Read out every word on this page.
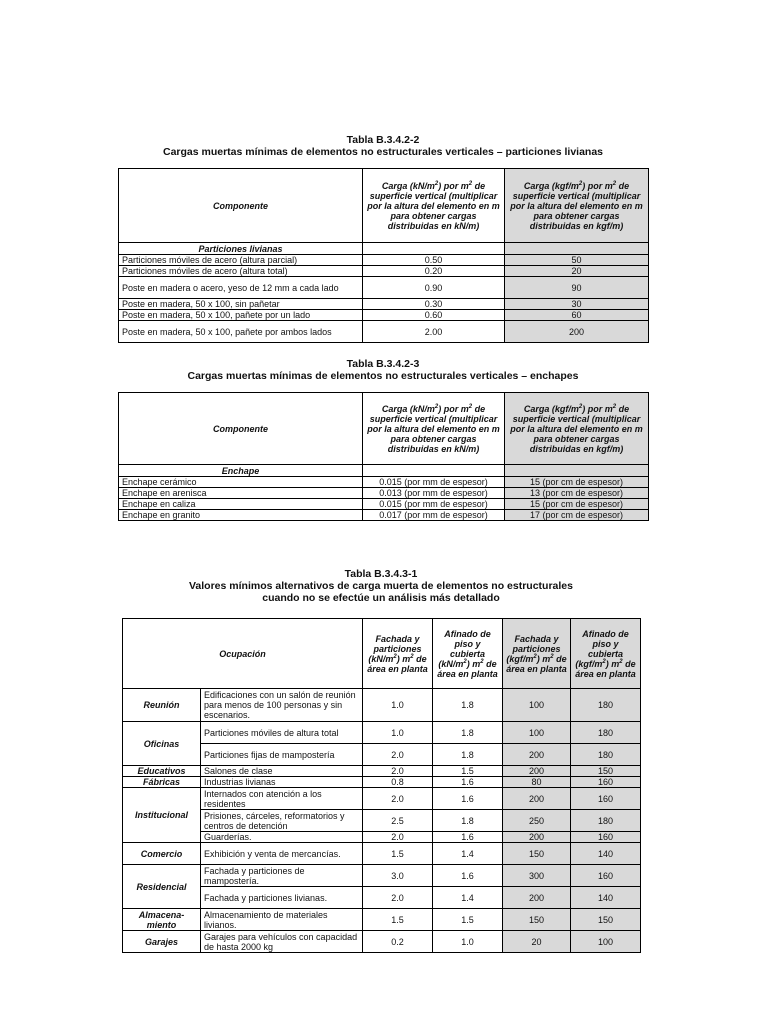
Tabla B.3.4.2-2
Cargas muertas mínimas de elementos no estructurales verticales – particiones livianas
Componente	Carga $(kN/m^2)$ por $m^2$ de superficie vertical (multiplicar por la altura del elemento en m para obtener cargas distribuidas en kN/m)	Carga $(kgf/m^2)$ por $m^2$ de superficie vertical (multiplicar por la altura del elemento en m para obtener cargas distribuidas en kgf/m)
Particiones livianas		
Particiones móviles de acero (altura parcial)	0.50	50
Particiones móviles de acero (altura total)	0.20	20
Poste en madera o acero, yeso de 12 mm a cada lado	0.90	90
Poste en madera, 50 x 100, sin pañetar	0.30	30
Poste en madera, 50 x 100, pañete por un lado	0.60	60
Poste en madera, 50 x 100, pañete por ambos lados	2.00	200
Tabla B.3.4.2-3
Cargas muertas mínimas de elementos no estructurales verticales – enchapes
Componente	Carga $(kN/m^2)$ por $m^2$ de superficie vertical (multiplicar por la altura del elemento en m para obtener cargas distribuidas en kN/m)	Carga $(kgf/m^2)$ por $m^2$ de superficie vertical (multiplicar por la altura del elemento en m para obtener cargas distribuidas en kgf/m)
Enchape		
Enchape cerámico	0.015 (por mm de espesor)	15 (por cm de espesor)
Enchape en arenisca	0.013 (por mm de espesor)	13 (por cm de espesor)
Enchape en caliza	0.015 (por mm de espesor)	15 (por cm de espesor)
Enchape en granito	0.017 (por mm de espesor)	17 (por cm de espesor)
Tabla B.3.4.3-1
Valores mínimos alternativos de carga muerta de elementos no estructurales
cuando no se efectúe un análisis más detallado
Ocupación		Fachada y particiones $(kN/m^2)$ $m^2$ de área en planta	Afinado de piso y cubierta $(kN/m^2)$ $m^2$ de área en planta	Fachada y particiones $(kgf/m^2)$ $m^2$ de área en planta	Afinado de piso y cubierta $(kgf/m^2)$ $m^2$ de área en planta
Reunión	Edificaciones con un salón de reunión para menos de 100 personas y sin escenarios.	1.0	1.8	100	180
Oficinas	Particiones móviles de altura total	1.0	1.8	100	180
	Particiones fijas de mampostería	2.0	1.8	200	180
Educativos	Salones de clase	2.0	1.5	200	150
Fábricas	Industrias livianas	0.8	1.6	80	160
Institucional	Internados con atención a los residentes	2.0	1.6	200	160
	Prisiones, cárceles, reformatorios y centros de detención	2.5	1.8	250	180
	Guarderías.	2.0	1.6	200	160
Comercio	Exhibición y venta de mercancías.	1.5	1.4	150	140
Residencial	Fachada y particiones de mampostería.	3.0	1.6	300	160
	Fachada y particiones livianas.	2.0	1.4	200	140
Almacena-miento	Almacenamiento de materiales livianos.	1.5	1.5	150	150
Garajes	Garajes para vehículos con capacidad de hasta 2000 kg	0.2	1.0	20	100
